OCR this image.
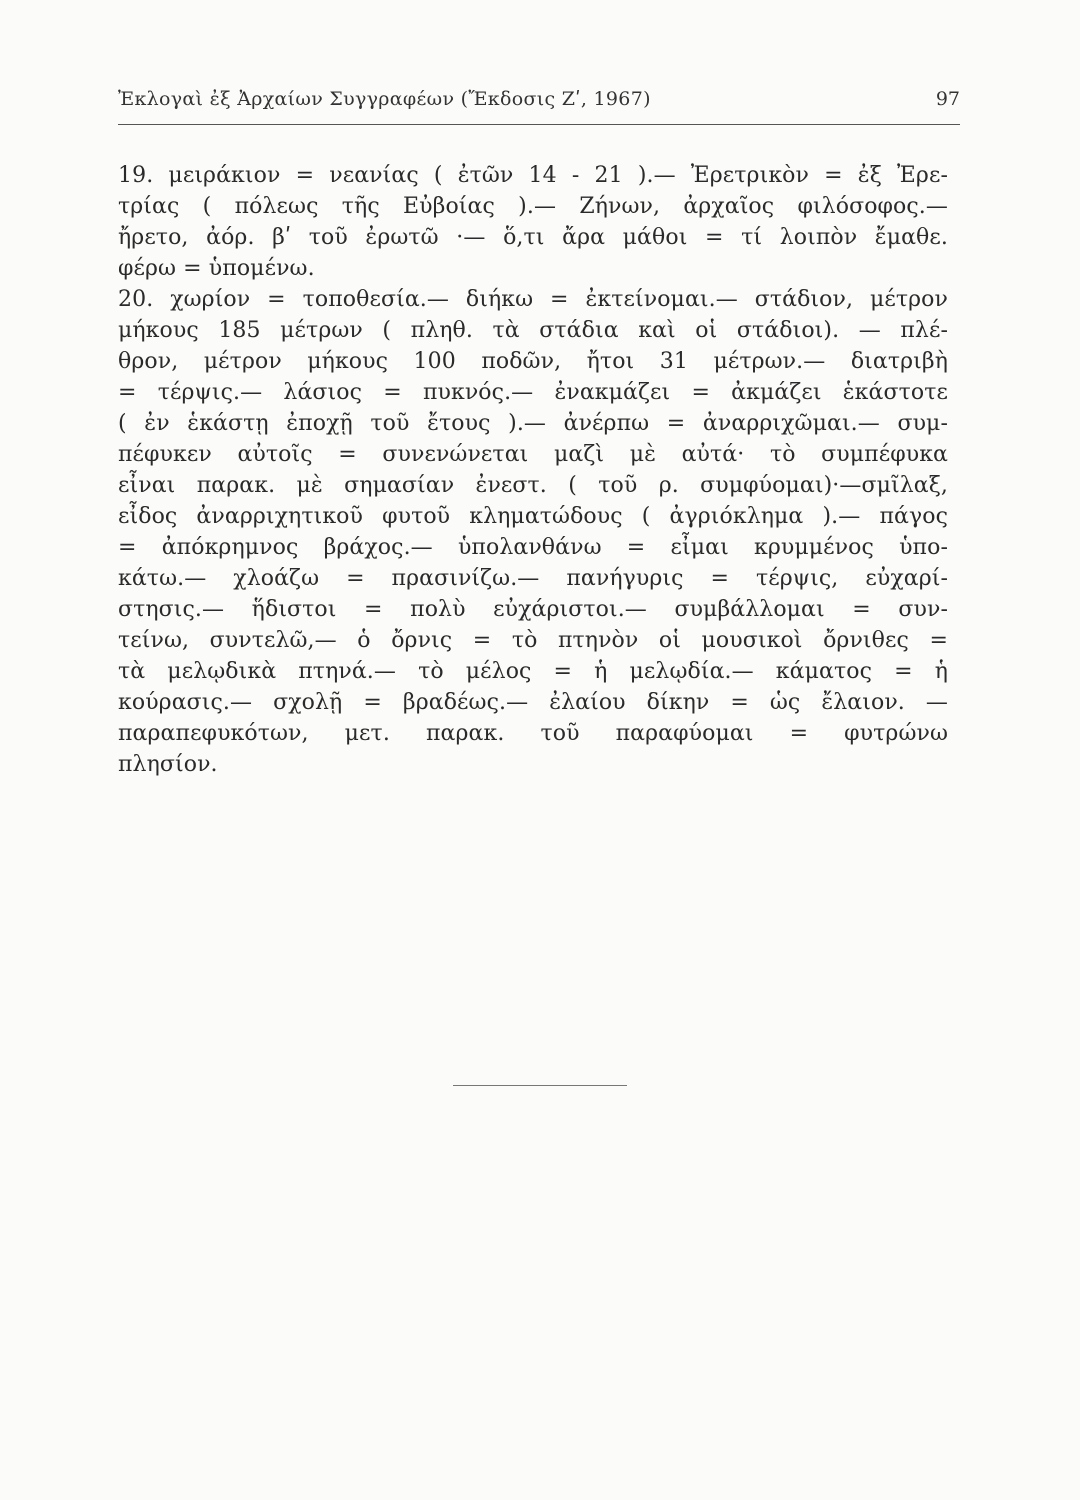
Ἐκλογαὶ ἐξ Ἀρχαίων Συγγραφέων (Ἔκδοσις Ζʹ, 1967)	97
19. μειράκιον = νεανίας ( ἐτῶν 14 - 21 ).— Ἐρετρικὸν = ἐξ Ἐρε-
τρίας ( πόλεως τῆς Εὐβοίας ).— Ζήνων, ἀρχαῖος φιλόσοφος.—
ἤρετο, ἀόρ. βʹ τοῦ ἐρωτῶ ·— ὅ,τι ἄρα μάθοι = τί λοιπὸν ἔμαθε.
φέρω = ὑπομένω.
20. χωρίον = τοποθεσία.— διήκω = ἐκτείνομαι.— στάδιον, μέτρον
μήκους 185 μέτρων ( πληθ. τὰ στάδια καὶ οἱ στάδιοι). — πλέ-
θρον, μέτρον μήκους 100 ποδῶν, ἤτοι 31 μέτρων.— διατριβὴ
= τέρψις.— λάσιος = πυκνός.— ἐνακμάζει = ἀκμάζει ἑκάστοτε
( ἐν ἑκάστῃ ἐποχῇ τοῦ ἔτους ).— ἀνέρπω = ἀναρριχῶμαι.— συμ-
πέφυκεν αὐτοῖς = συνενώνεται μαζὶ μὲ αὐτά· τὸ συμπέφυκα
εἶναι παρακ. μὲ σημασίαν ἐνεστ. ( τοῦ ρ. συμφύομαι)·—σμῖλαξ,
εἶδος ἀναρριχητικοῦ φυτοῦ κληματώδους ( ἀγριόκλημα ).— πάγος
= ἀπόκρημνος βράχος.— ὑπολανθάνω = εἶμαι κρυμμένος ὑπο-
κάτω.— χλοάζω = πρασινίζω.— πανήγυρις = τέρψις, εὐχαρί-
στησις.— ἥδιστοι = πολὺ εὐχάριστοι.— συμβάλλομαι = συν-
τείνω, συντελῶ,— ὁ ὄρνις = τὸ πτηνὸν οἱ μουσικοὶ ὄρνιθες =
τὰ μελῳδικὰ πτηνά.— τὸ μέλος = ἡ μελῳδία.— κάματος = ἡ
κούρασις.— σχολῇ = βραδέως.— ἐλαίου δίκην = ὡς ἔλαιον. —
παραπεφυκότων, μετ. παρακ. τοῦ παραφύομαι = φυτρώνω
πλησίον.
